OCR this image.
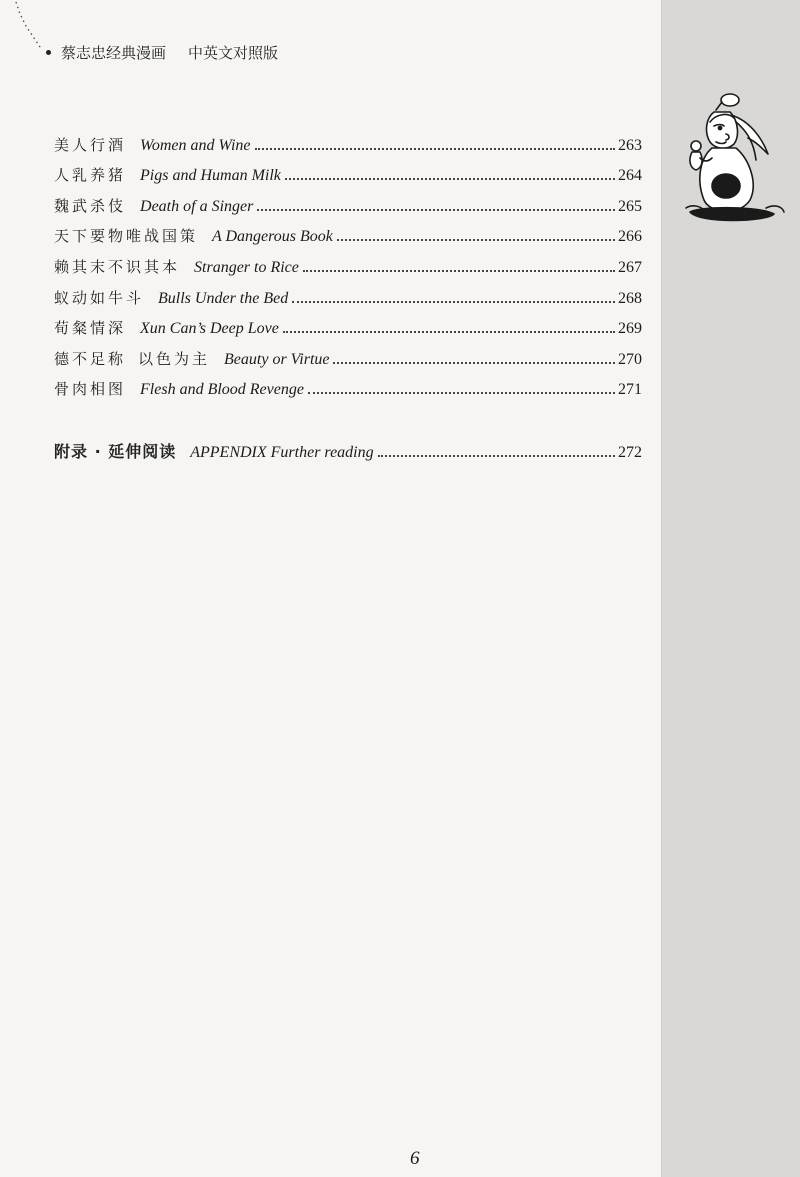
蔡志忠经典漫画 中英文对照版
美人行酒 Women and Wine	263
人乳养猪 Pigs and Human Milk	264
魏武杀伎 Death of a Singer	265
天下要物唯战国策 A Dangerous Book	266
赖其末不识其本 Stranger to Rice	267
蚁动如牛斗 Bulls Under the Bed	268
荀粲情深 Xun Can’s Deep Love	269
德不足称 以色为主 Beauty or Virtue	270
骨肉相图 Flesh and Blood Revenge	271
附录 · 延伸阅读 APPENDIX Further reading	272
6
